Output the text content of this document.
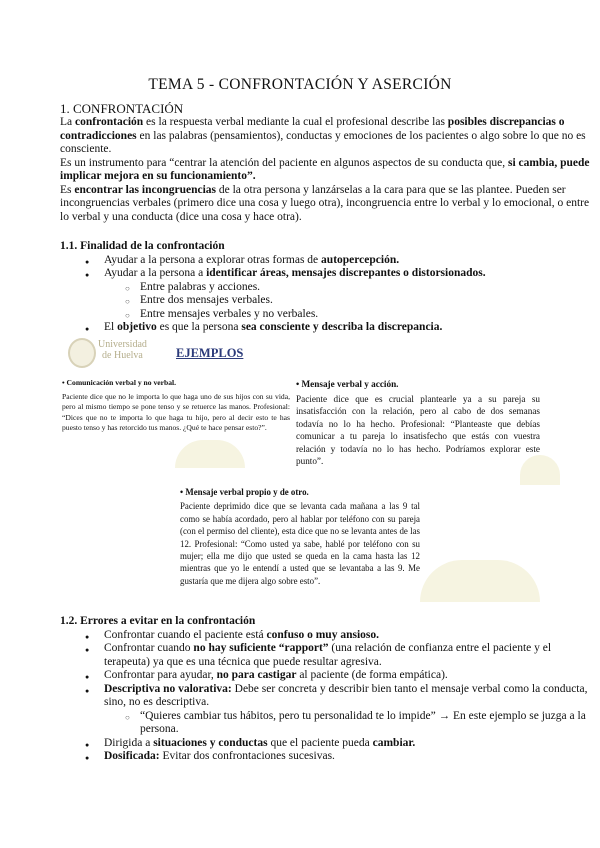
TEMA 5 - CONFRONTACIÓN Y ASERCIÓN
1. CONFRONTACIÓN

La confrontación es la respuesta verbal mediante la cual el profesional describe las posibles discrepancias o contradicciones en las palabras (pensamientos), conductas y emociones de los pacientes o algo sobre lo que no es consciente.

Es un instrumento para “centrar la atención del paciente en algunos aspectos de su conducta que, si cambia, puede implicar mejora en su funcionamiento”.

Es encontrar las incongruencias de la otra persona y lanzárselas a la cara para que se las plantee. Pueden ser incongruencias verbales (primero dice una cosa y luego otra), incongruencia entre lo verbal y lo emocional, o entre lo verbal y una conducta (dice una cosa y hace otra).

1.1. Finalidad de la confrontación
● Ayudar a la persona a explorar otras formas de autopercepción.
● Ayudar a la persona a identificar áreas, mensajes discrepantes o distorsionados.
○ Entre palabras y acciones.
○ Entre dos mensajes verbales.
○ Entre mensajes verbales y no verbales.
● El objetivo es que la persona sea consciente y describa la discrepancia.
Universidad
de Huelva	EJEMPLOS
• Comunicación verbal y no verbal.
Paciente dice que no le importa lo que haga uno de sus hijos con su vida, pero al mismo tiempo se pone tenso y se retuerce las manos. Profesional: “Dices que no te importa lo que haga tu hijo, pero al decir esto te has puesto tenso y has retorcido tus manos. ¿Qué te hace pensar esto?”.
• Mensaje verbal y acción.
Paciente dice que es crucial plantearle ya a su pareja su insatisfacción con la relación, pero al cabo de dos semanas todavía no lo ha hecho. Profesional: “Planteaste que debías comunicar a tu pareja lo insatisfecho que estás con vuestra relación y todavía no lo has hecho. Podríamos explorar este punto”.
• Mensaje verbal propio y de otro.
Paciente deprimido dice que se levanta cada mañana a las 9 tal como se había acordado, pero al hablar por teléfono con su pareja (con el permiso del cliente), esta dice que no se levanta antes de las 12. Profesional: “Como usted ya sabe, hablé por teléfono con su mujer; ella me dijo que usted se queda en la cama hasta las 12 mientras que yo le entendí a usted que se levantaba a las 9. Me gustaría que me dijera algo sobre esto”.
1.2. Errores a evitar en la confrontación
● Confrontar cuando el paciente está confuso o muy ansioso.
● Confrontar cuando no hay suficiente “rapport” (una relación de confianza entre el paciente y el terapeuta) ya que es una técnica que puede resultar agresiva.
● Confrontar para ayudar, no para castigar al paciente (de forma empática).
● Descriptiva no valorativa: Debe ser concreta y describir bien tanto el mensaje verbal como la conducta, sino, no es descriptiva.
○ “Quieres cambiar tus hábitos, pero tu personalidad te lo impide” → En este ejemplo se juzga a la persona.
● Dirigida a situaciones y conductas que el paciente pueda cambiar.
● Dosificada: Evitar dos confrontaciones sucesivas.
